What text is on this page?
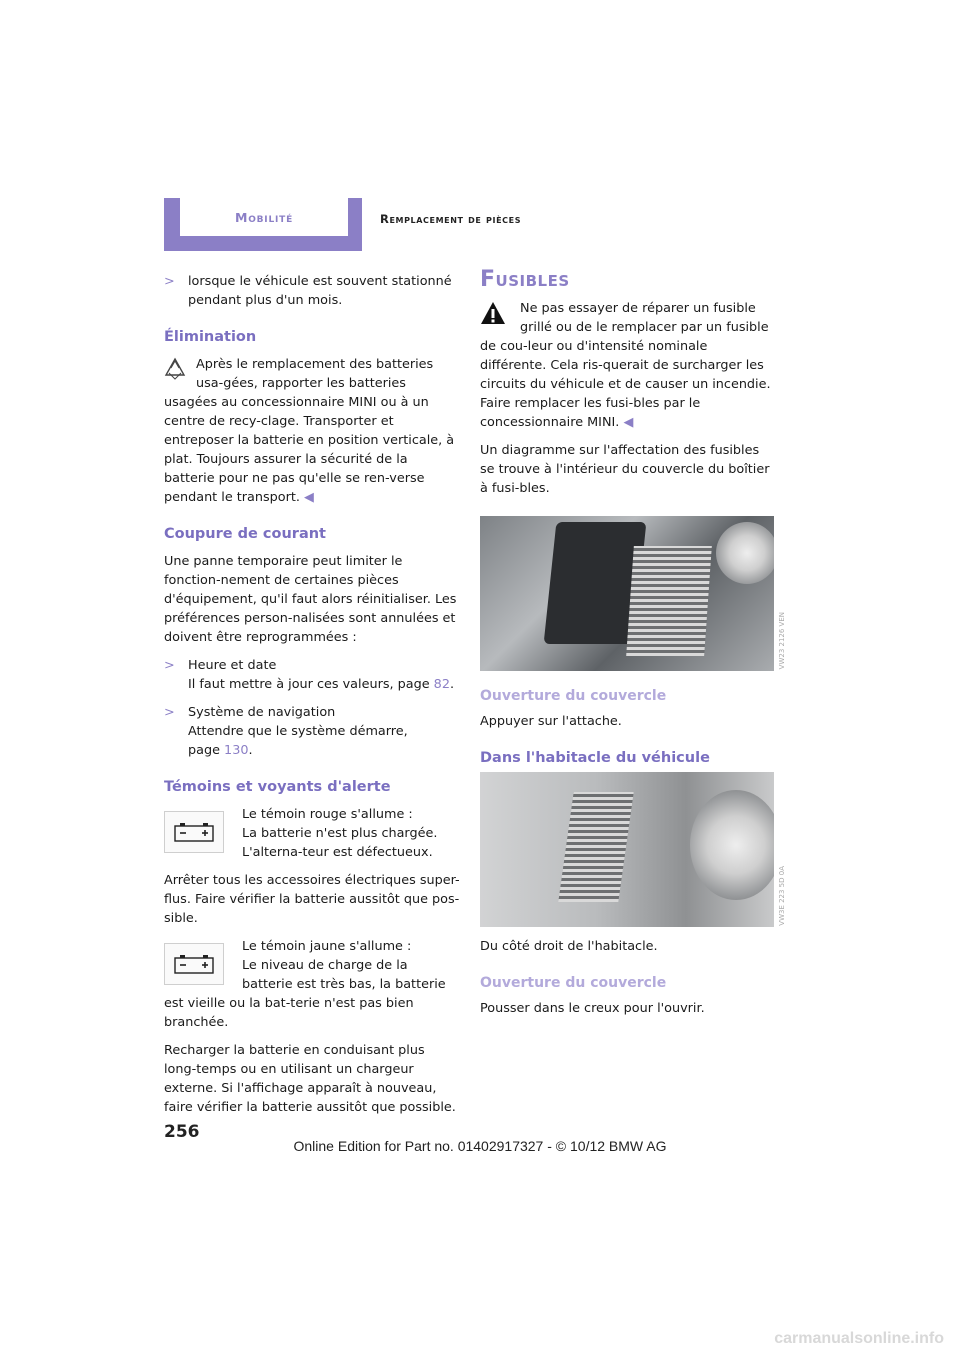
Mobilité	Remplacement de pièces
> lorsque le véhicule est souvent stationné pendant plus d'un mois.
Élimination

Après le remplacement des batteries usa-gées, rapporter les batteries usagées au concessionnaire MINI ou à un centre de recy-clage. Transporter et entreposer la batterie en position verticale, à plat. Toujours assurer la sécurité de la batterie pour ne pas qu'elle se ren-verse pendant le transport. ◀

Coupure de courant

Une panne temporaire peut limiter le fonction-nement de certaines pièces d'équipement, qu'il faut alors réinitialiser. Les préférences person-nalisées sont annulées et doivent être reprogrammées :

> Heure et date
Il faut mettre à jour ces valeurs, page 82.
> Système de navigation
Attendre que le système démarre,
page 130.
Témoins et voyants d'alerte

Le témoin rouge s'allume :
La batterie n'est plus chargée. L'alterna-teur est défectueux.

Arrêter tous les accessoires électriques super-flus. Faire vérifier la batterie aussitôt que pos-sible.

Le témoin jaune s'allume :
Le niveau de charge de la batterie est très bas, la batterie est vieille ou la bat-terie n'est pas bien branchée.

Recharger la batterie en conduisant plus long-temps ou en utilisant un chargeur externe. Si l'affichage apparaît à nouveau, faire vérifier la batterie aussitôt que possible.

Fusibles

Ne pas essayer de réparer un fusible grillé ou de le remplacer par un fusible de cou-leur ou d'intensité nominale différente. Cela ris-querait de surcharger les circuits du véhicule et de causer un incendie. Faire remplacer les fusi-bles par le concessionnaire MINI. ◀

Un diagramme sur l'affectation des fusibles se trouve à l'intérieur du couvercle du boîtier à fusi-bles.

VW23 2126 VEN
Ouverture du couvercle

Appuyer sur l'attache.

Dans l'habitacle du véhicule
VW3E 223 5D 0A

Du côté droit de l'habitacle.

Ouverture du couvercle

Pousser dans le creux pour l'ouvrir.

256
Online Edition for Part no. 01402917327 - © 10/12 BMW AG
carmanualsonline.info
